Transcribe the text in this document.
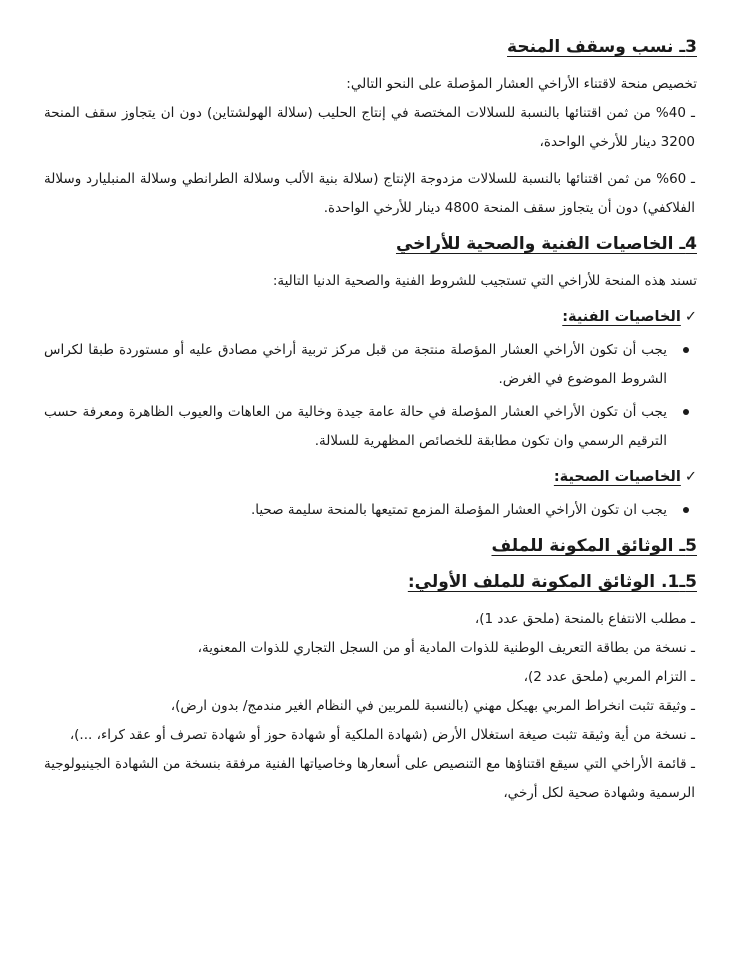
3ـ نسب وسقف المنحة

تخصيص منحة لاقتناء الأراخي العشار المؤصلة على النحو التالي:

ـ 40% من ثمن اقتنائها بالنسبة للسلالات المختصة في إنتاج الحليب (سلالة الهولشتاين) دون ان يتجاوز سقف المنحة 3200 دينار للأرخي الواحدة،

ـ 60% من ثمن اقتنائها بالنسبة للسلالات مزدوجة الإنتاج (سلالة بنية الألب وسلالة الطرانطي وسلالة المنبليارد وسلالة الفلاكفي) دون أن يتجاوز سقف المنحة 4800 دينار للأرخي الواحدة.

4ـ الخاصيات الفنية والصحية للأراخي

تسند هذه المنحة للأراخي التي تستجيب للشروط الفنية والصحية الدنيا التالية:

✓الخاصيات الفنية:

يجب أن تكون الأراخي العشار المؤصلة منتجة من قبل مركز تربية أراخي مصادق عليه أو مستوردة طبقا لكراس الشروط الموضوع في الغرض.

يجب أن تكون الأراخي العشار المؤصلة في حالة عامة جيدة وخالية من العاهات والعيوب الظاهرة ومعرفة حسب الترقيم الرسمي وان تكون مطابقة للخصائص المظهرية للسلالة.

✓الخاصيات الصحية:

يجب ان تكون الأراخي العشار المؤصلة المزمع تمتيعها بالمنحة سليمة صحيا.

5ـ الوثائق المكونة للملف
5ـ1. الوثائق المكونة للملف الأولي:

ـ مطلب الانتفاع بالمنحة (ملحق عدد 1)،

ـ نسخة من بطاقة التعريف الوطنية للذوات المادية أو من السجل التجاري للذوات المعنوية،

ـ التزام المربي (ملحق عدد 2)،

ـ وثيقة تثبت انخراط المربي بهيكل مهني (بالنسبة للمربين في النظام الغير مندمج/ بدون ارض)،

ـ نسخة من أية وثيقة تثبت صيغة استغلال الأرض (شهادة الملكية أو شهادة حوز أو شهادة تصرف أو عقد كراء، ...)،

ـ قائمة الأراخي التي سيقع اقتناؤها مع التنصيص على أسعارها وخاصياتها الفنية مرفقة بنسخة من الشهادة الجينيولوجية الرسمية وشهادة صحية لكل أرخي،
